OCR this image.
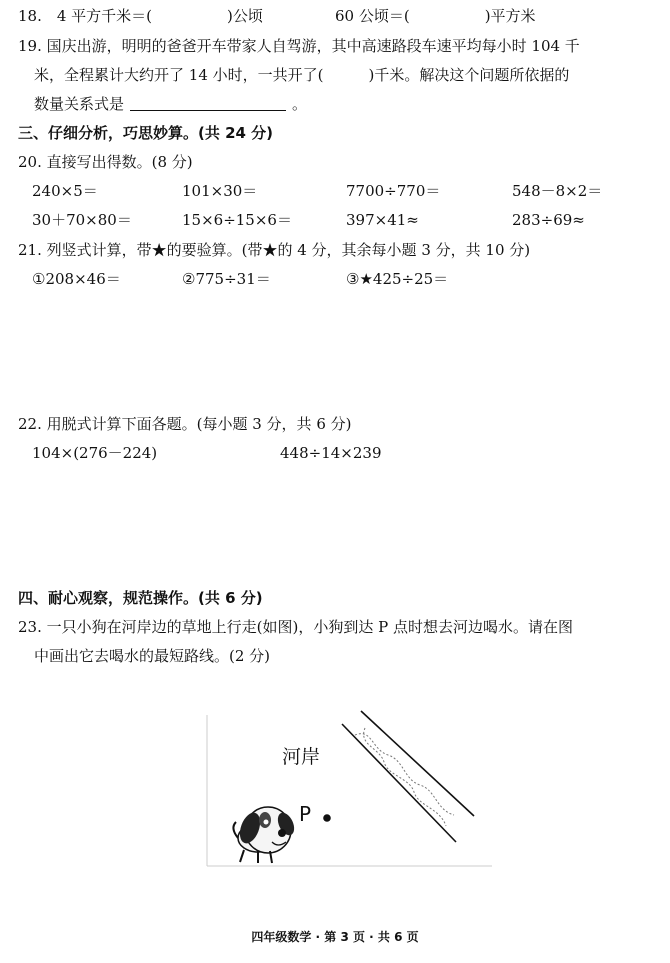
18.　4 平方千米＝(　　　　　)公顷	60 公顷＝(　　　　　)平方米
19. 国庆出游，明明的爸爸开车带家人自驾游，其中高速路段车速平均每小时 104 千
米，全程累计大约开了 14 小时，一共开了(　　　)千米。解决这个问题所依据的
数量关系式是	。
三、仔细分析，巧思妙算。(共 24 分)
20. 直接写出得数。(8 分)
240×5＝	101×30＝	7700÷770＝	548－8×2＝
30＋70×80＝	15×6÷15×6＝	397×41≈	283÷69≈
21. 列竖式计算，带★的要验算。(带★的 4 分，其余每小题 3 分，共 10 分)
①208×46＝	②775÷31＝	③★425÷25＝
22. 用脱式计算下面各题。(每小题 3 分，共 6 分)
104×(276－224)	448÷14×239
四、耐心观察，规范操作。(共 6 分)
23. 一只小狗在河岸边的草地上行走(如图)，小狗到达 P 点时想去河边喝水。请在图
中画出它去喝水的最短路线。(2 分)
河岸
P
四年级数学 · 第 3 页 · 共 6 页
